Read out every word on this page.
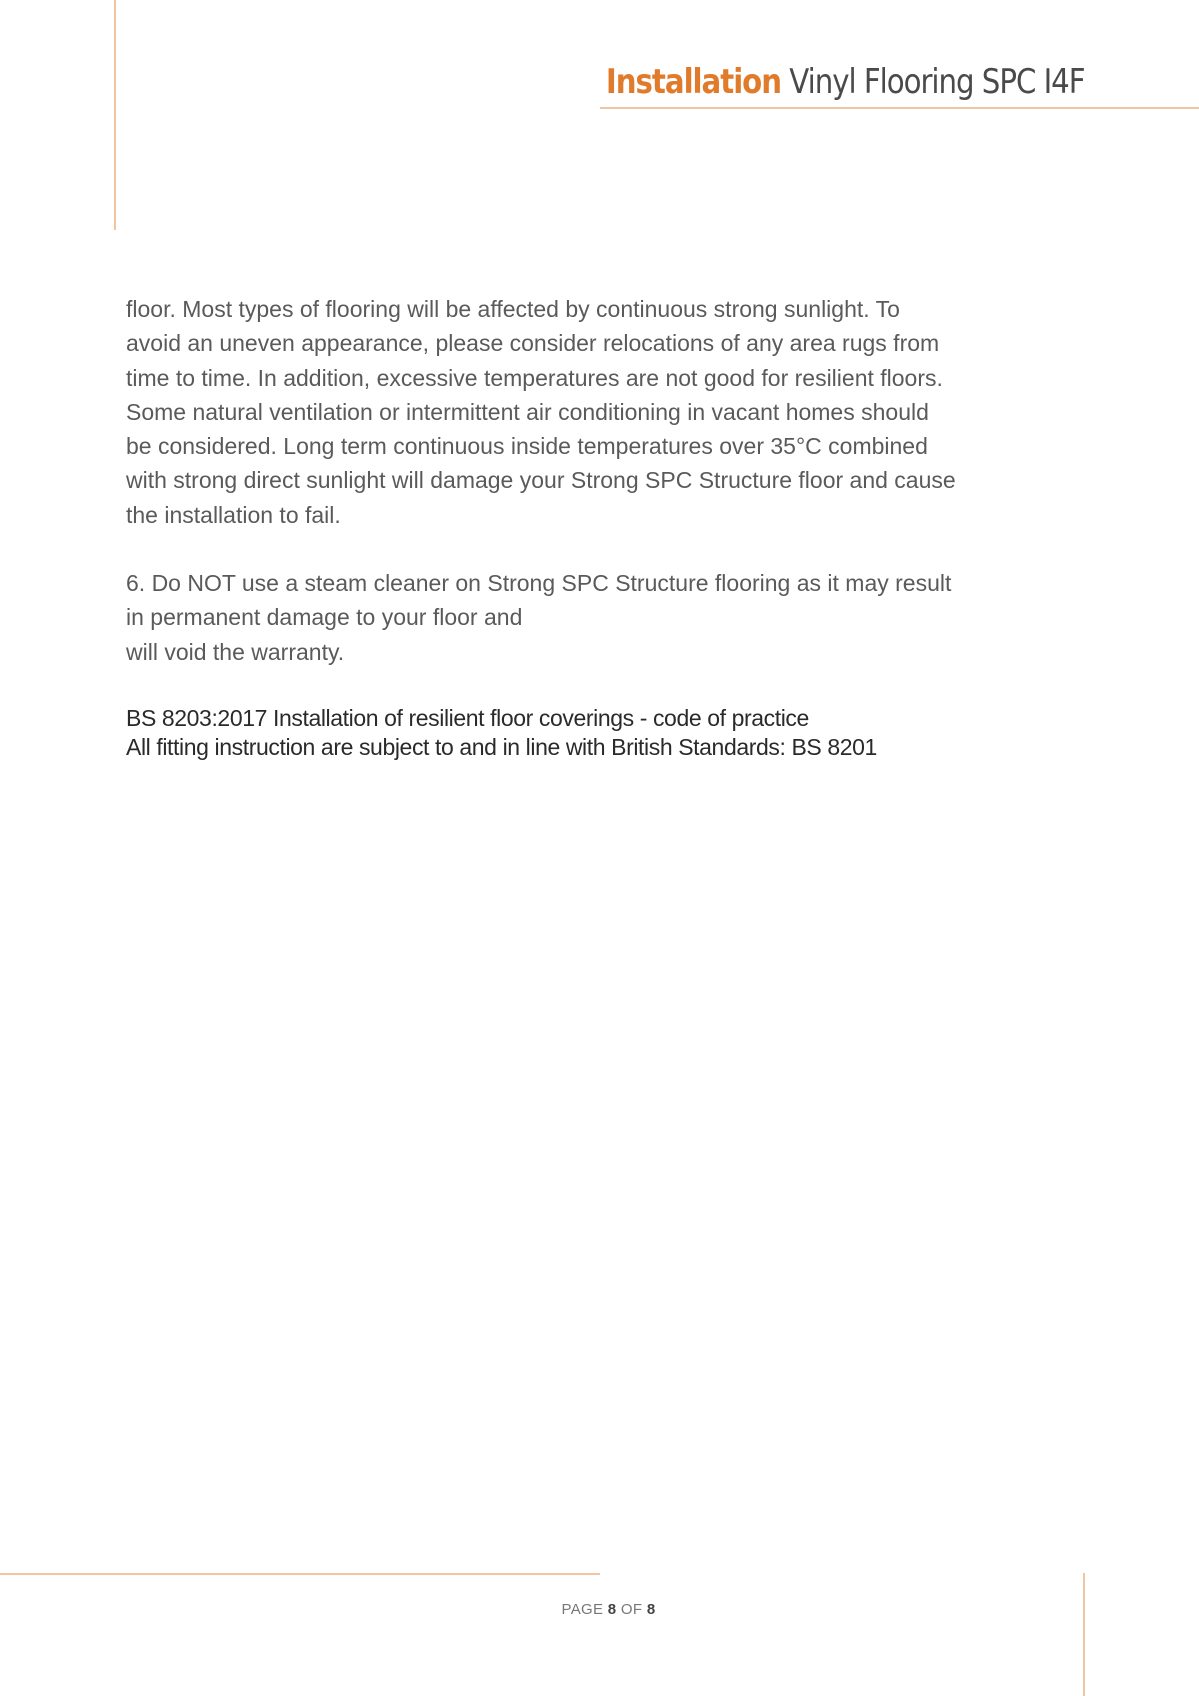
Installation Vinyl Flooring SPC I4F

floor. Most types of flooring will be affected by continuous strong sunlight. To
avoid an uneven appearance, please consider relocations of any area rugs from
time to time. In addition, excessive temperatures are not good for resilient floors.
Some natural ventilation or intermittent air conditioning in vacant homes should
be considered. Long term continuous inside temperatures over 35°C combined
with strong direct sunlight will damage your Strong SPC Structure floor and cause
the installation to fail.

6. Do NOT use a steam cleaner on Strong SPC Structure flooring as it may result
in permanent damage to your floor and
will void the warranty.

BS 8203:2017 Installation of resilient floor coverings - code of practice
All fitting instruction are subject to and in line with British Standards: BS 8201
PAGE 8 OF 8
